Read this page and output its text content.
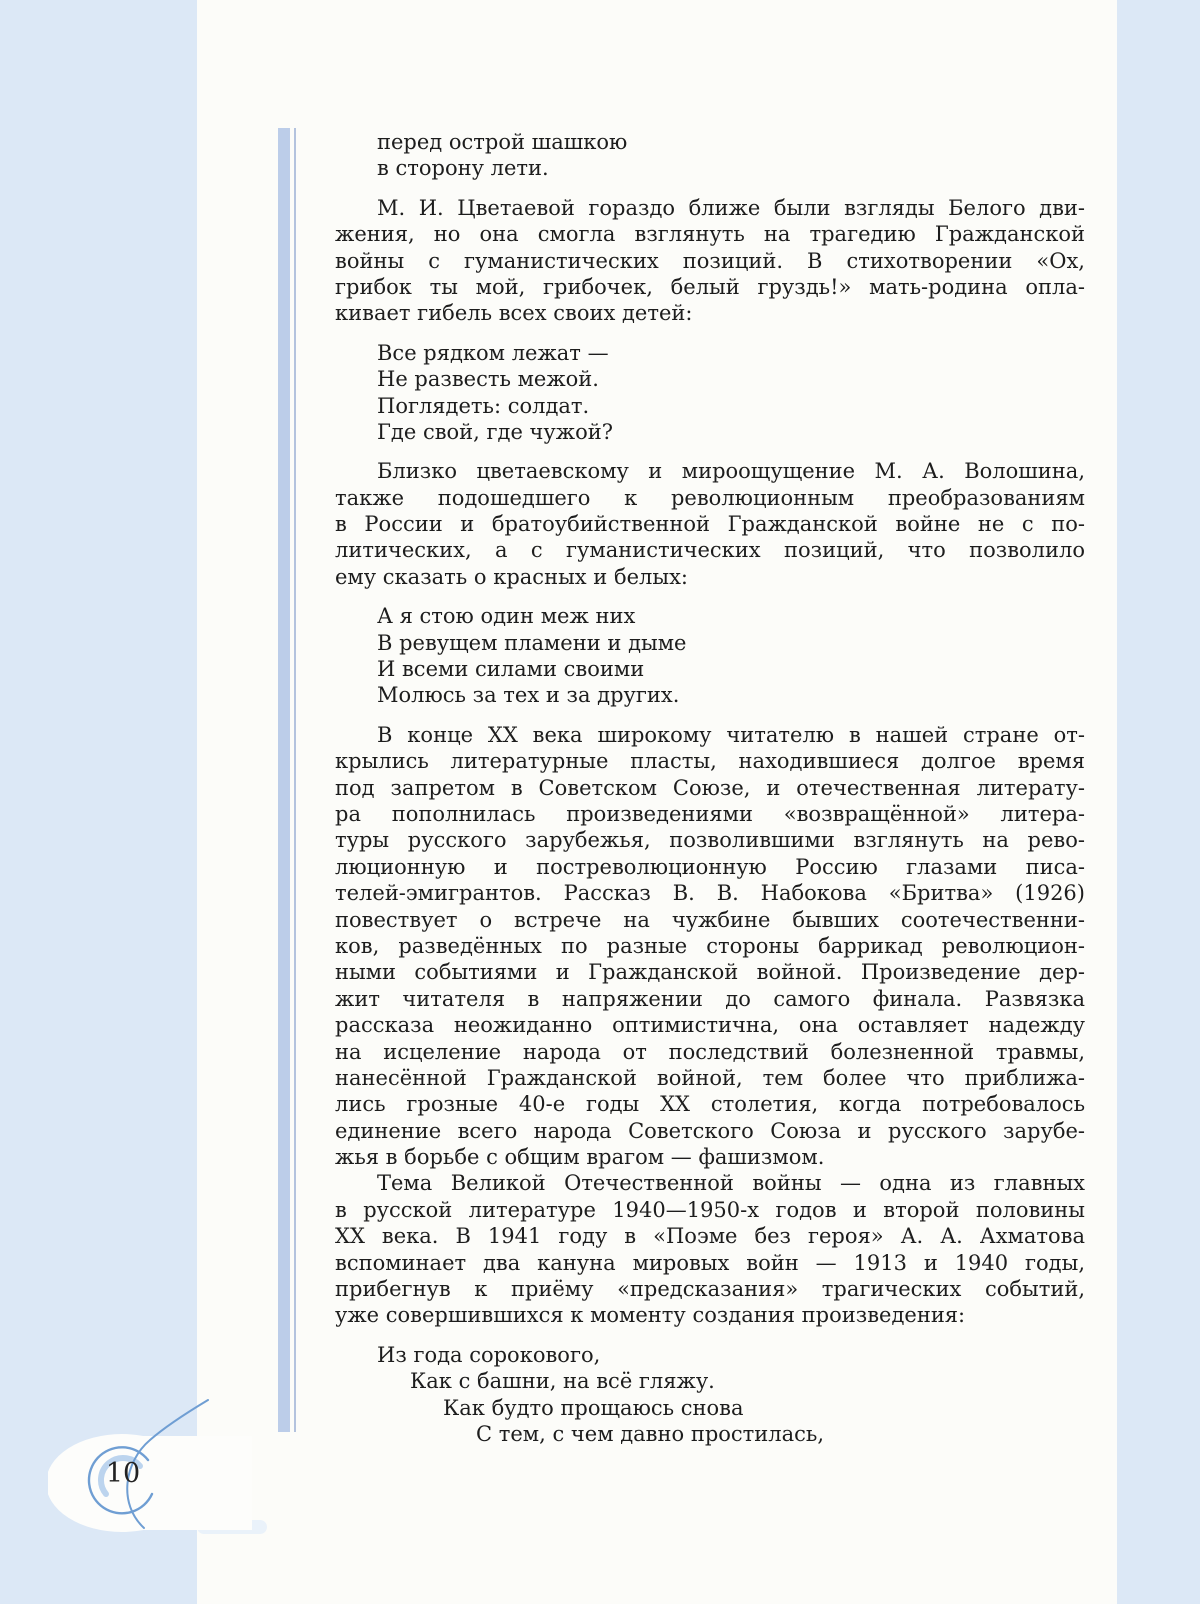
перед острой шашкою
в сторону лети.
М. И. Цветаевой гораздо ближе были взгляды Белого дви-
жения, но она смогла взглянуть на трагедию Гражданской
войны с гуманистических позиций. В стихотворении «Ох,
грибок ты мой, грибочек, белый груздь!» мать-родина опла-
кивает гибель всех своих детей:
Все рядком лежат —
Не развесть межой.
Поглядеть: солдат.
Где свой, где чужой?
Близко цветаевскому и мироощущение М. А. Волошина,
также подошедшего к революционным преобразованиям
в России и братоубийственной Гражданской войне не с по-
литических, а с гуманистических позиций, что позволило
ему сказать о красных и белых:
А я стою один меж них
В ревущем пламени и дыме
И всеми силами своими
Молюсь за тех и за других.
В конце XX века широкому читателю в нашей стране от-
крылись литературные пласты, находившиеся долгое время
под запретом в Советском Союзе, и отечественная литерату-
ра пополнилась произведениями «возвращённой» литера-
туры русского зарубежья, позволившими взглянуть на рево-
люционную и постреволюционную Россию глазами писа-
телей-эмигрантов. Рассказ В. В. Набокова «Бритва» (1926)
повествует о встрече на чужбине бывших соотечественни-
ков, разведённых по разные стороны баррикад революцион-
ными событиями и Гражданской войной. Произведение дер-
жит читателя в напряжении до самого финала. Развязка
рассказа неожиданно оптимистична, она оставляет надежду
на исцеление народа от последствий болезненной травмы,
нанесённой Гражданской войной, тем более что приближа-
лись грозные 40-е годы XX столетия, когда потребовалось
единение всего народа Советского Союза и русского зарубе-
жья в борьбе с общим врагом — фашизмом.
Тема Великой Отечественной войны — одна из главных
в русской литературе 1940—1950-х годов и второй половины
XX века. В 1941 году в «Поэме без героя» А. А. Ахматова
вспоминает два кануна мировых войн — 1913 и 1940 годы,
прибегнув к приёму «предсказания» трагических событий,
уже совершившихся к моменту создания произведения:
Из года сорокового,
Как с башни, на всё гляжу.
Как будто прощаюсь снова
С тем, с чем давно простилась,
10
